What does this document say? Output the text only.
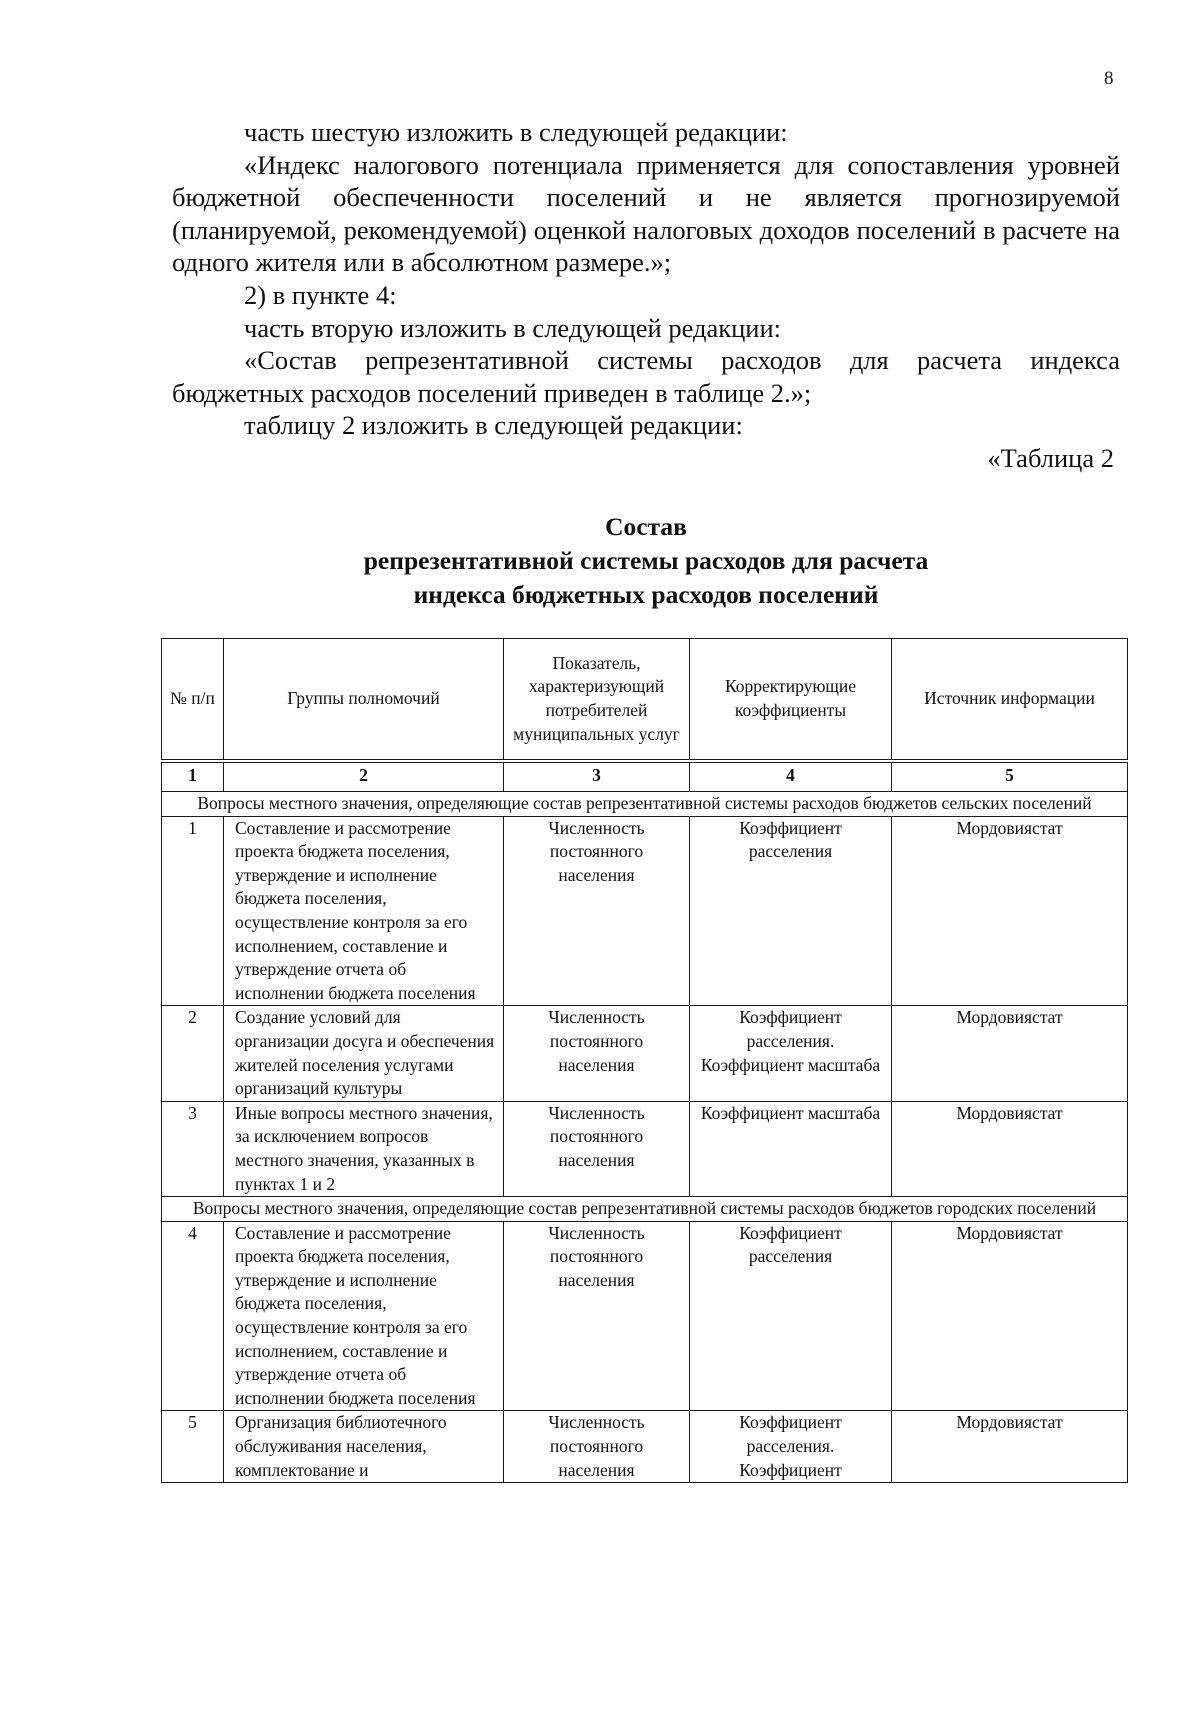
8

часть шестую изложить в следующей редакции:

«Индекс налогового потенциала применяется для сопоставления уровней бюджетной обеспеченности поселений и не является прогнозируемой (планируемой, рекомендуемой) оценкой налоговых доходов поселений в расчете на одного жителя или в абсолютном размере.»;

2) в пункте 4:

часть вторую изложить в следующей редакции:

«Состав репрезентативной системы расходов для расчета индекса бюджетных расходов поселений приведен в таблице 2.»;

таблицу 2 изложить в следующей редакции:

«Таблица 2

Состав
репрезентативной системы расходов для расчета
индекса бюджетных расходов поселений
№ п/п	Группы полномочий	Показатель, характеризующий потребителей муниципальных услуг	Корректирующие коэффициенты	Источник информации
1	2	3	4	5
Вопросы местного значения, определяющие состав репрезентативной системы расходов бюджетов сельских поселений				
1	Составление и рассмотрение проекта бюджета поселения, утверждение и исполнение бюджета поселения, осуществление контроля за его исполнением, составление и утверждение отчета об исполнении бюджета поселения	Численность постоянного населения	Коэффициент расселения	Мордовиястат
2	Создание условий для организации досуга и обеспечения жителей поселения услугами организаций культуры	Численность постоянного населения	Коэффициент расселения. Коэффициент масштаба	Мордовиястат
3	Иные вопросы местного значения, за исключением вопросов местного значения, указанных в пунктах 1 и 2	Численность постоянного населения	Коэффициент масштаба	Мордовиястат
Вопросы местного значения, определяющие состав репрезентативной системы расходов бюджетов городских поселений				
4	Составление и рассмотрение проекта бюджета поселения, утверждение и исполнение бюджета поселения, осуществление контроля за его исполнением, составление и утверждение отчета об исполнении бюджета поселения	Численность постоянного населения	Коэффициент расселения	Мордовиястат
5	Организация библиотечного обслуживания населения, комплектование и	Численность постоянного населения	Коэффициент расселения. Коэффициент	Мордовиястат
